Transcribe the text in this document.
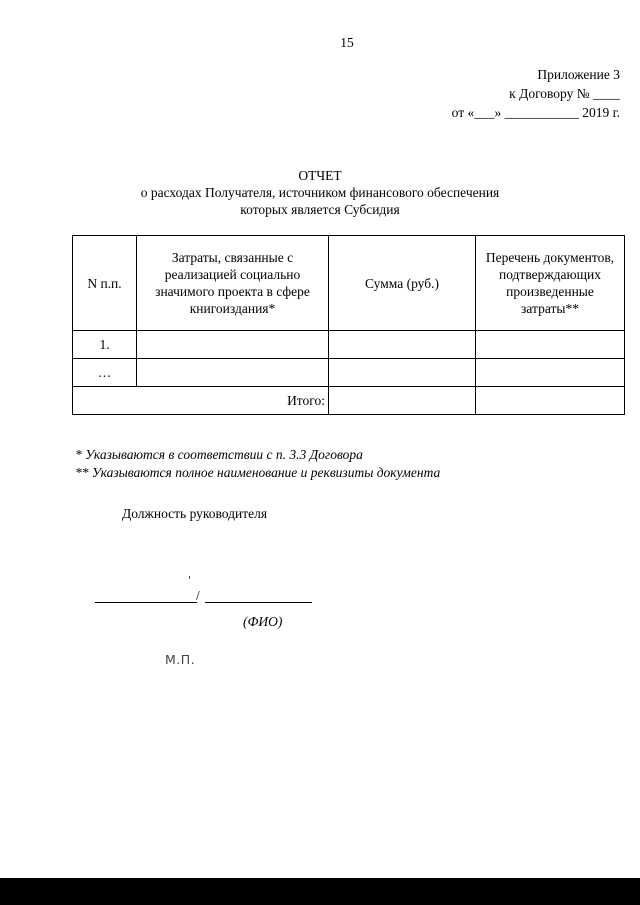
15
Приложение 3
к Договору № ____
от «___» ___________ 2019 г.
ОТЧЕТ
о расходах Получателя, источником финансового обеспечения
которых является Субсидия
N п.п.	Затраты, связанные с реализацией социально значимого проекта в сфере книгоиздания*	Сумма (руб.)	Перечень документов, подтверждающих произведенные затраты**
1.			
…			
Итого:			
* Указываются в соответствии с п. 3.3 Договора
** Указываются полное наименование и реквизиты документа
Должность руководителя
/
(ФИО)
М.П.
